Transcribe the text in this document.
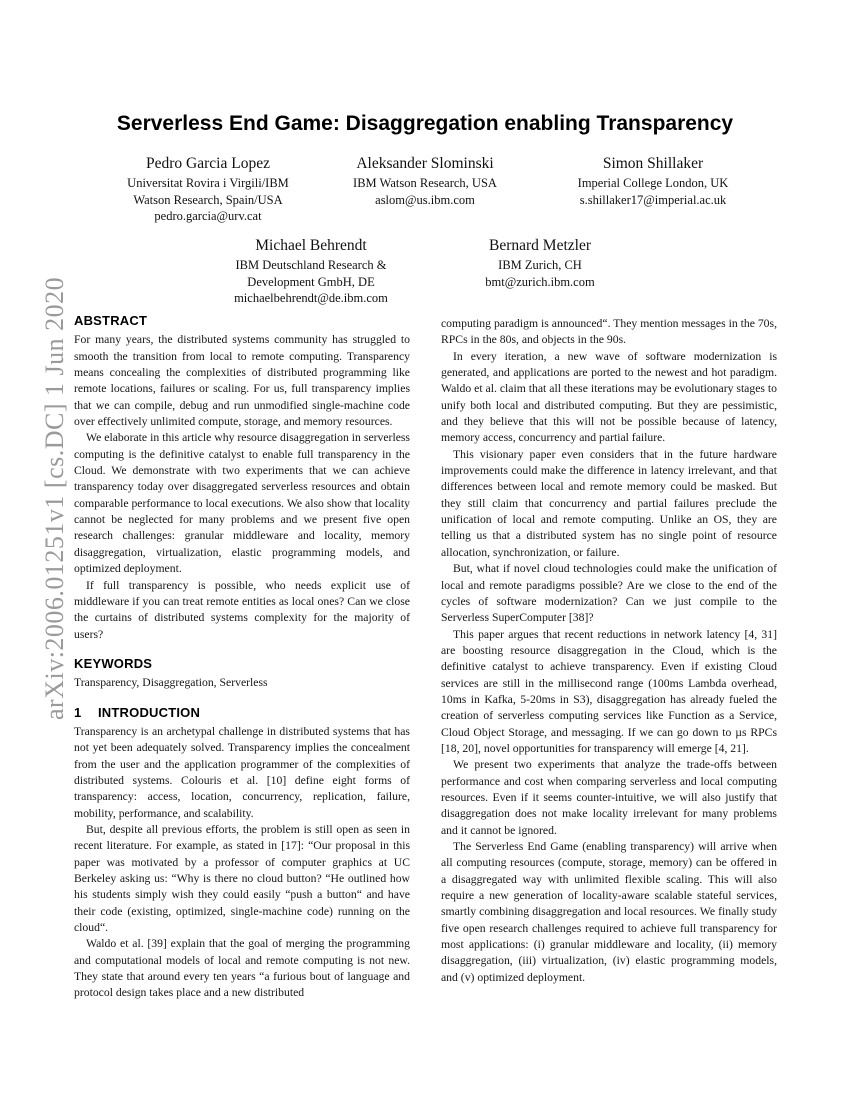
arXiv:2006.01251v1 [cs.DC] 1 Jun 2020
Serverless End Game: Disaggregation enabling Transparency
Pedro Garcia Lopez
Universitat Rovira i Virgili/IBM
Watson Research, Spain/USA
pedro.garcia@urv.cat
Aleksander Slominski
IBM Watson Research, USA
aslom@us.ibm.com
Simon Shillaker
Imperial College London, UK
s.shillaker17@imperial.ac.uk
Michael Behrendt
IBM Deutschland Research &
Development GmbH, DE
michaelbehrendt@de.ibm.com
Bernard Metzler
IBM Zurich, CH
bmt@zurich.ibm.com
ABSTRACT

For many years, the distributed systems community has struggled to smooth the transition from local to remote computing. Transparency means concealing the complexities of distributed programming like remote locations, failures or scaling. For us, full transparency implies that we can compile, debug and run unmodified single-machine code over effectively unlimited compute, storage, and memory resources.

We elaborate in this article why resource disaggregation in serverless computing is the definitive catalyst to enable full transparency in the Cloud. We demonstrate with two experiments that we can achieve transparency today over disaggregated serverless resources and obtain comparable performance to local executions. We also show that locality cannot be neglected for many problems and we present five open research challenges: granular middleware and locality, memory disaggregation, virtualization, elastic programming models, and optimized deployment.

If full transparency is possible, who needs explicit use of middleware if you can treat remote entities as local ones? Can we close the curtains of distributed systems complexity for the majority of users?

KEYWORDS

Transparency, Disaggregation, Serverless

1 INTRODUCTION

Transparency is an archetypal challenge in distributed systems that has not yet been adequately solved. Transparency implies the concealment from the user and the application programmer of the complexities of distributed systems. Colouris et al. [10] define eight forms of transparency: access, location, concurrency, replication, failure, mobility, performance, and scalability.

But, despite all previous efforts, the problem is still open as seen in recent literature. For example, as stated in [17]: “Our proposal in this paper was motivated by a professor of computer graphics at UC Berkeley asking us: “Why is there no cloud button? “He outlined how his students simply wish they could easily “push a button“ and have their code (existing, optimized, single-machine code) running on the cloud“.

Waldo et al. [39] explain that the goal of merging the programming and computational models of local and remote computing is not new. They state that around every ten years “a furious bout of language and protocol design takes place and a new distributed

computing paradigm is announced“. They mention messages in the 70s, RPCs in the 80s, and objects in the 90s.

In every iteration, a new wave of software modernization is generated, and applications are ported to the newest and hot paradigm. Waldo et al. claim that all these iterations may be evolutionary stages to unify both local and distributed computing. But they are pessimistic, and they believe that this will not be possible because of latency, memory access, concurrency and partial failure.

This visionary paper even considers that in the future hardware improvements could make the difference in latency irrelevant, and that differences between local and remote memory could be masked. But they still claim that concurrency and partial failures preclude the unification of local and remote computing. Unlike an OS, they are telling us that a distributed system has no single point of resource allocation, synchronization, or failure.

But, what if novel cloud technologies could make the unification of local and remote paradigms possible? Are we close to the end of the cycles of software modernization? Can we just compile to the Serverless SuperComputer [38]?

This paper argues that recent reductions in network latency [4, 31] are boosting resource disaggregation in the Cloud, which is the definitive catalyst to achieve transparency. Even if existing Cloud services are still in the millisecond range (100ms Lambda overhead, 10ms in Kafka, 5-20ms in S3), disaggregation has already fueled the creation of serverless computing services like Function as a Service, Cloud Object Storage, and messaging. If we can go down to µs RPCs [18, 20], novel opportunities for transparency will emerge [4, 21].

We present two experiments that analyze the trade-offs between performance and cost when comparing serverless and local computing resources. Even if it seems counter-intuitive, we will also justify that disaggregation does not make locality irrelevant for many problems and it cannot be ignored.

The Serverless End Game (enabling transparency) will arrive when all computing resources (compute, storage, memory) can be offered in a disaggregated way with unlimited flexible scaling. This will also require a new generation of locality-aware scalable stateful services, smartly combining disaggregation and local resources. We finally study five open research challenges required to achieve full transparency for most applications: (i) granular middleware and locality, (ii) memory disaggregation, (iii) virtualization, (iv) elastic programming models, and (v) optimized deployment.
